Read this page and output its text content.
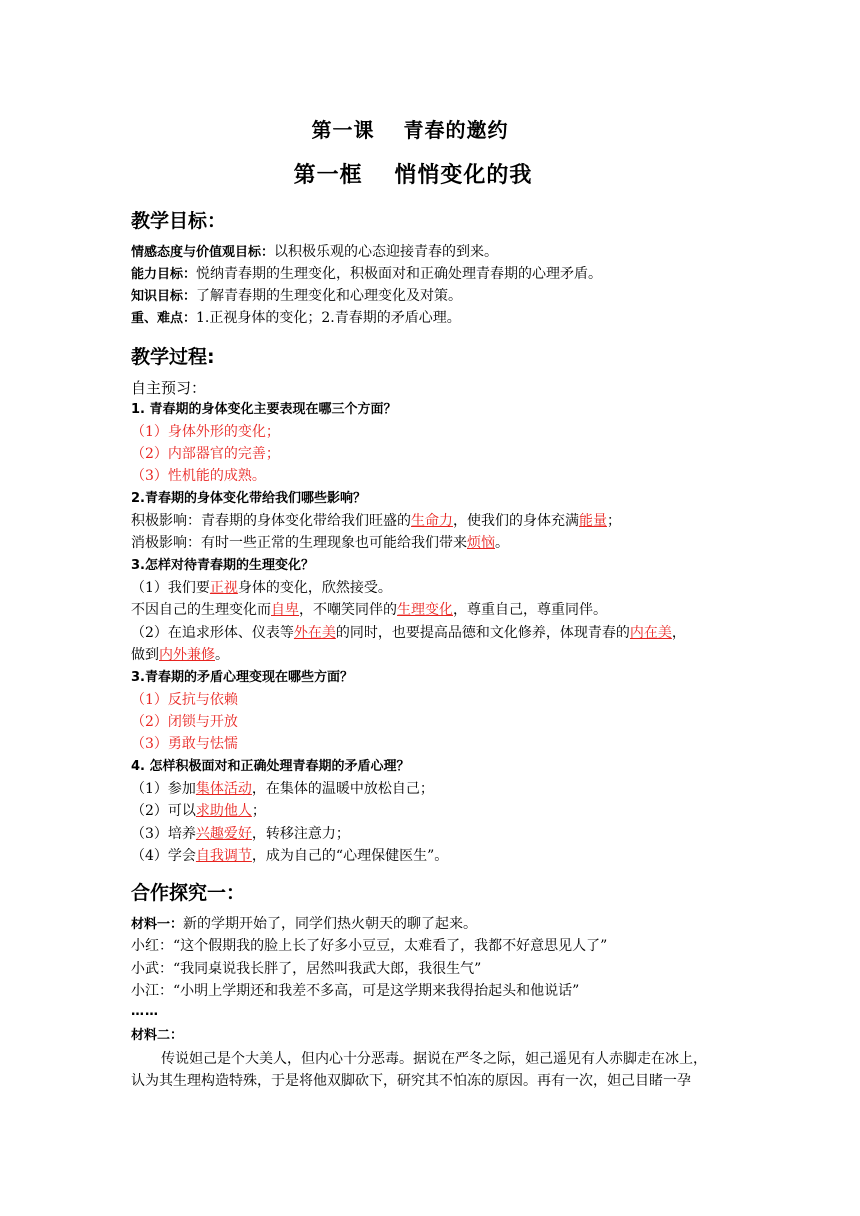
第一课　 青春的邀约
第一框　 悄悄变化的我
教学目标：
情感态度与价值观目标：以积极乐观的心态迎接青春的到来。
能力目标：悦纳青春期的生理变化，积极面对和正确处理青春期的心理矛盾。
知识目标：了解青春期的生理变化和心理变化及对策。
重、难点：1.正视身体的变化；2.青春期的矛盾心理。
教学过程:
自主预习：
1. 青春期的身体变化主要表现在哪三个方面？
（1）身体外形的变化；
（2）内部器官的完善；
（3）性机能的成熟。
2.青春期的身体变化带给我们哪些影响？
积极影响：青春期的身体变化带给我们旺盛的生命力，使我们的身体充满能量；
消极影响：有时一些正常的生理现象也可能给我们带来烦恼。
3.怎样对待青春期的生理变化？
（1）我们要正视身体的变化，欣然接受。
不因自己的生理变化而自卑，不嘲笑同伴的生理变化，尊重自己，尊重同伴。
（2）在追求形体、仪表等外在美的同时，也要提高品德和文化修养，体现青春的内在美，
做到内外兼修。
3.青春期的矛盾心理变现在哪些方面？
（1）反抗与依赖
（2）闭锁与开放
（3）勇敢与怯懦
4. 怎样积极面对和正确处理青春期的矛盾心理？
（1）参加集体活动，在集体的温暖中放松自己；
（2）可以求助他人；
（3）培养兴趣爱好，转移注意力；
（4）学会自我调节，成为自己的“心理保健医生”。
合作探究一：
材料一：新的学期开始了，同学们热火朝天的聊了起来。
小红：“这个假期我的脸上长了好多小豆豆，太难看了，我都不好意思见人了”
小武：“我同桌说我长胖了，居然叫我武大郎，我很生气”
小江：“小明上学期还和我差不多高，可是这学期来我得抬起头和他说话”
……
材料二：
传说妲己是个大美人，但内心十分恶毒。据说在严冬之际，妲己遥见有人赤脚走在冰上，
认为其生理构造特殊，于是将他双脚砍下，研究其不怕冻的原因。再有一次，妲己目睹一孕
